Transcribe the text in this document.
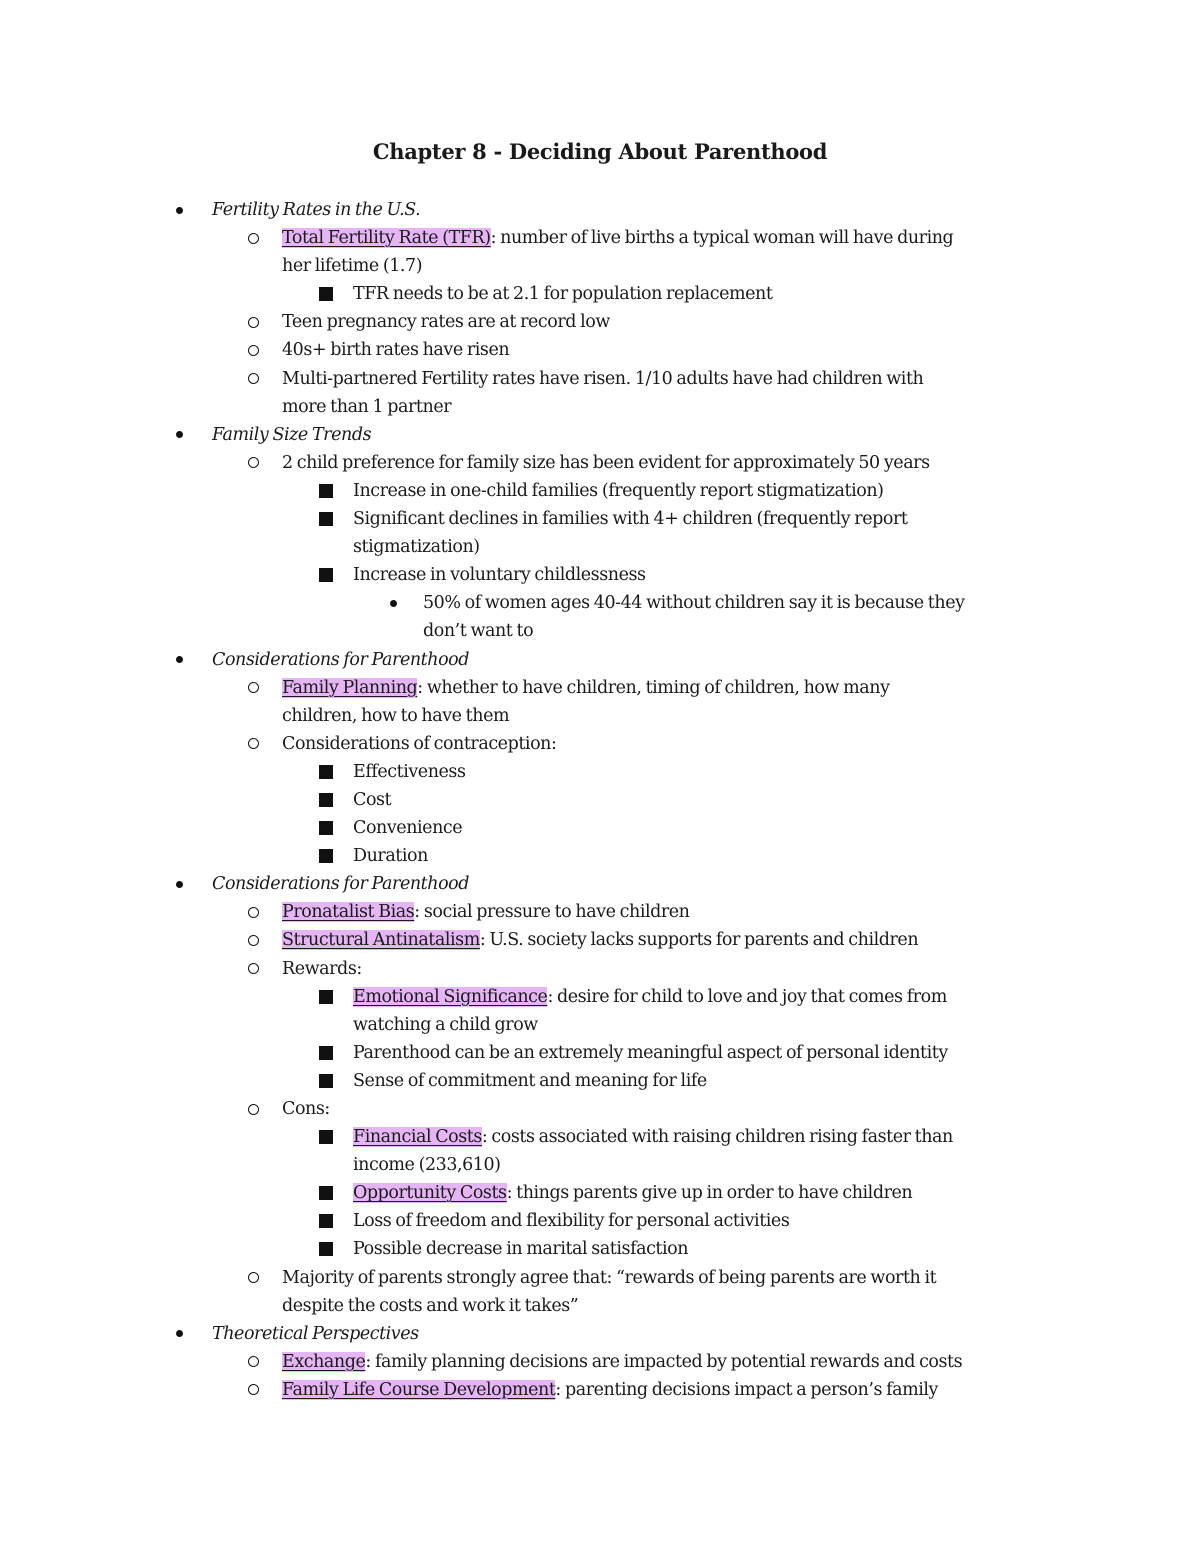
Chapter 8 - Deciding About Parenthood
Fertility Rates in the U.S.
Total Fertility Rate (TFR): number of live births a typical woman will have during
her lifetime (1.7)
TFR needs to be at 2.1 for population replacement
Teen pregnancy rates are at record low
40s+ birth rates have risen
Multi-partnered Fertility rates have risen. 1/10 adults have had children with
more than 1 partner
Family Size Trends
2 child preference for family size has been evident for approximately 50 years
Increase in one-child families (frequently report stigmatization)
Significant declines in families with 4+ children (frequently report
stigmatization)
Increase in voluntary childlessness
50% of women ages 40-44 without children say it is because they
don’t want to
Considerations for Parenthood
Family Planning: whether to have children, timing of children, how many
children, how to have them
Considerations of contraception:
Effectiveness
Cost
Convenience
Duration
Considerations for Parenthood
Pronatalist Bias: social pressure to have children
Structural Antinatalism: U.S. society lacks supports for parents and children
Rewards:
Emotional Significance: desire for child to love and joy that comes from
watching a child grow
Parenthood can be an extremely meaningful aspect of personal identity
Sense of commitment and meaning for life
Cons:
Financial Costs: costs associated with raising children rising faster than
income (233,610)
Opportunity Costs: things parents give up in order to have children
Loss of freedom and flexibility for personal activities
Possible decrease in marital satisfaction
Majority of parents strongly agree that: “rewards of being parents are worth it
despite the costs and work it takes”
Theoretical Perspectives
Exchange: family planning decisions are impacted by potential rewards and costs
Family Life Course Development: parenting decisions impact a person’s family
